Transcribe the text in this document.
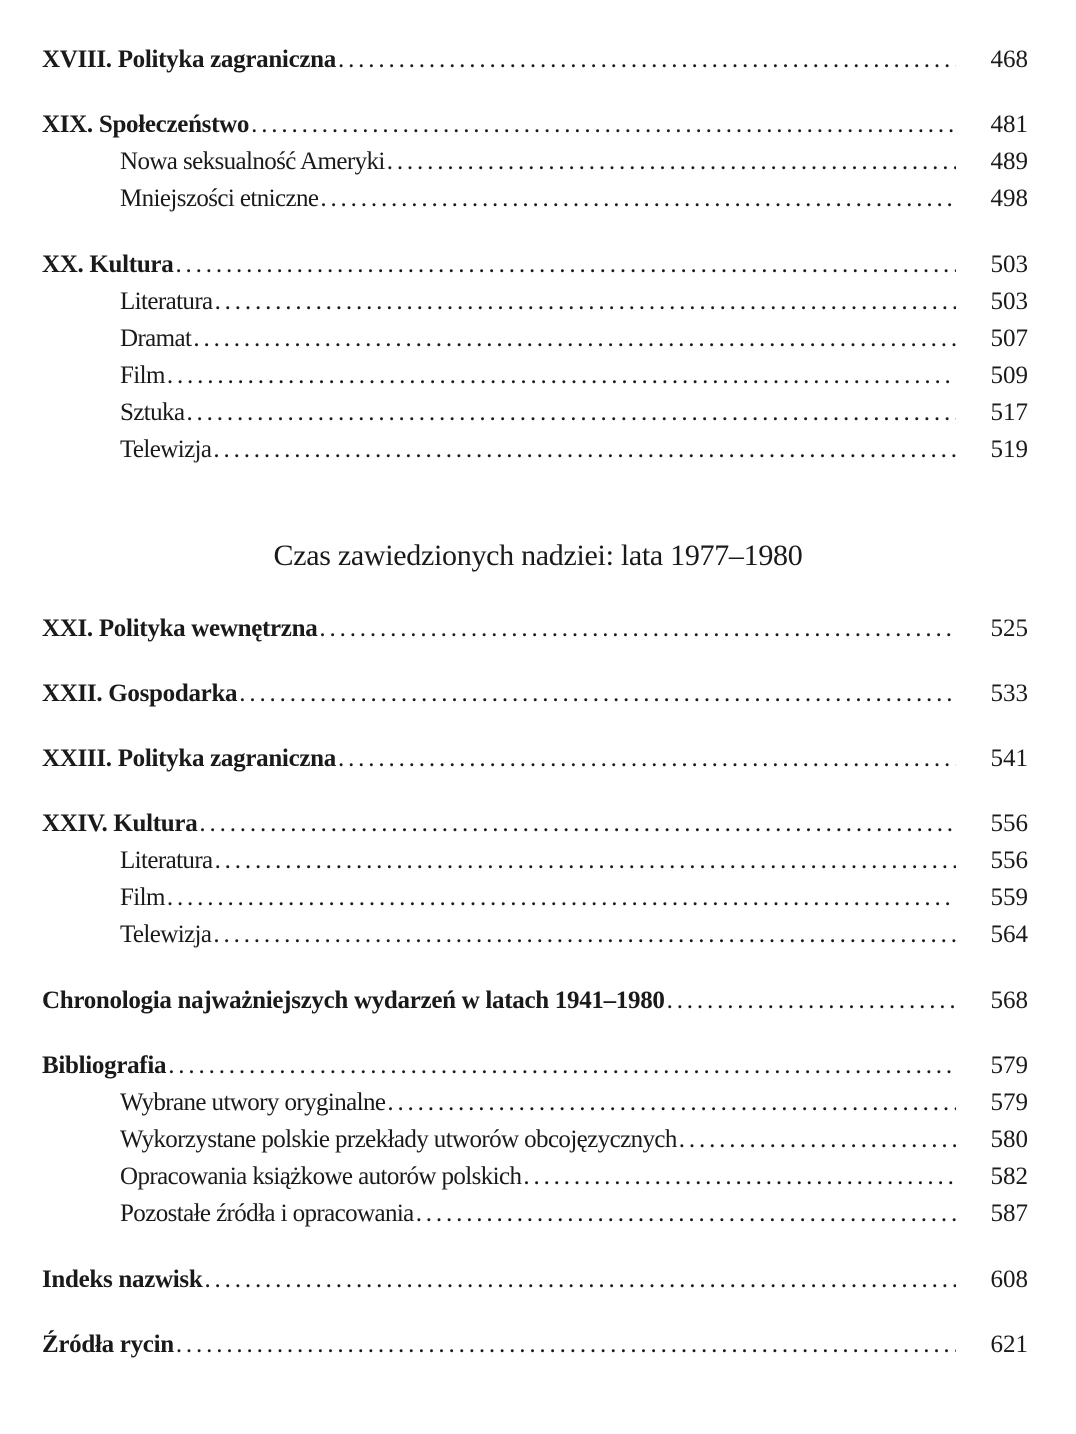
XVIII. Polityka zagraniczna . . .	468
XIX. Społeczeństwo . . .	481
Nowa seksualność Ameryki . . .	489
Mniejszości etniczne . . .	498
XX. Kultura . . .	503
Literatura . . .	503
Dramat . . .	507
Film . . .	509
Sztuka . . .	517
Telewizja . . .	519
Czas zawiedzionych nadziei: lata 1977–1980
XXI. Polityka wewnętrzna . . .	525
XXII. Gospodarka . . .	533
XXIII. Polityka zagraniczna . . .	541
XXIV. Kultura . . .	556
Literatura . . .	556
Film . . .	559
Telewizja . . .	564
Chronologia najważniejszych wydarzeń w latach 1941–1980 . . .	568
Bibliografia . . .	579
Wybrane utwory oryginalne . . .	579
Wykorzystane polskie przekłady utworów obcojęzycznych . . .	580
Opracowania książkowe autorów polskich . . .	582
Pozostałe źródła i opracowania . . .	587
Indeks nazwisk . . .	608
Źródła rycin . . .	621
